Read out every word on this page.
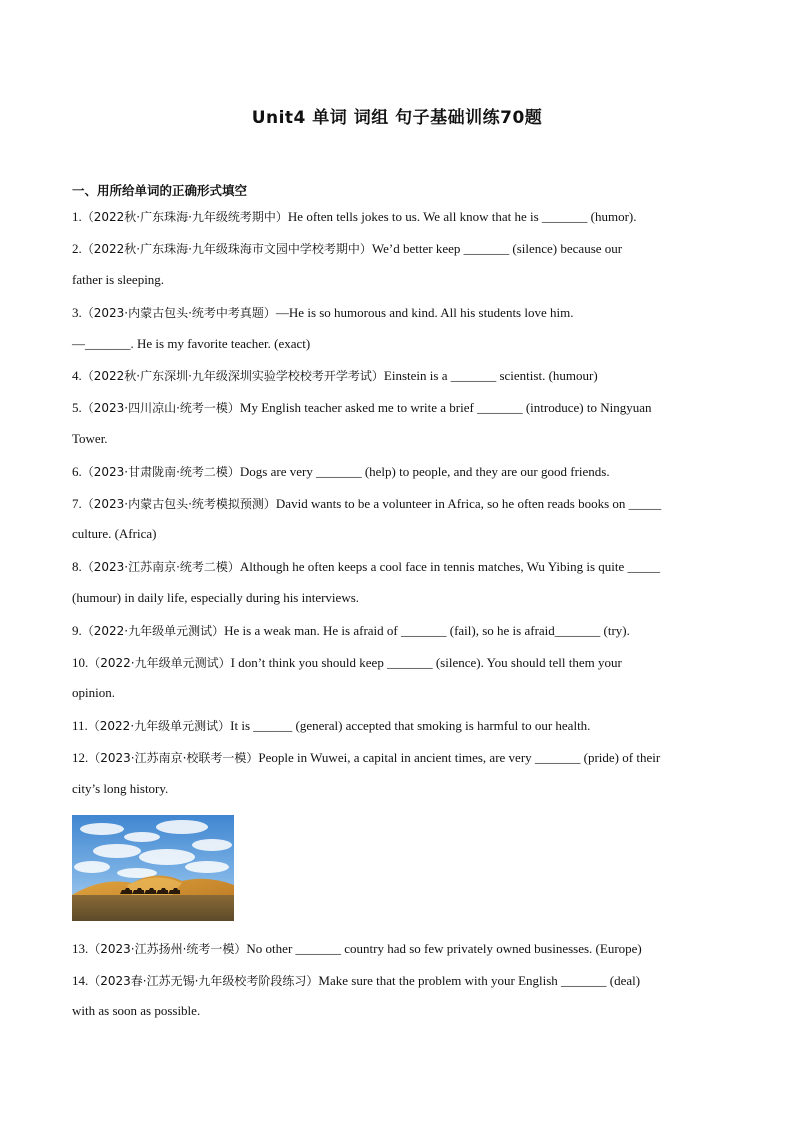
Unit4 单词 词组 句子基础训练70题
一、用所给单词的正确形式填空
1.（2022秋·广东珠海·九年级统考期中）He often tells jokes to us. We all know that he is _______ (humor).
2.（2022秋·广东珠海·九年级珠海市文园中学校考期中）We’d better keep _______ (silence) because our
father is sleeping.
3.（2023·内蒙古包头·统考中考真题）—He is so humorous and kind. All his students love him.
—_______. He is my favorite teacher. (exact)
4.（2022秋·广东深圳·九年级深圳实验学校校考开学考试）Einstein is a _______ scientist. (humour)
5.（2023·四川凉山·统考一模）My English teacher asked me to write a brief _______ (introduce) to Ningyuan
Tower.
6.（2023·甘肃陇南·统考二模）Dogs are very _______ (help) to people, and they are our good friends.
7.（2023·内蒙古包头·统考模拟预测）David wants to be a volunteer in Africa, so he often reads books on _____
culture. (Africa)
8.（2023·江苏南京·统考二模）Although he often keeps a cool face in tennis matches, Wu Yibing is quite _____
(humour) in daily life, especially during his interviews.
9.（2022·九年级单元测试）He is a weak man. He is afraid of _______ (fail), so he is afraid_______ (try).
10.（2022·九年级单元测试）I don’t think you should keep _______ (silence). You should tell them your
opinion.
11.（2022·九年级单元测试）It is ______ (general) accepted that smoking is harmful to our health.
12.（2023·江苏南京·校联考一模）People in Wuwei, a capital in ancient times, are very _______ (pride) of their
city’s long history.
13.（2023·江苏扬州·统考一模）No other _______ country had so few privately owned businesses. (Europe)
14.（2023春·江苏无锡·九年级校考阶段练习）Make sure that the problem with your English _______ (deal)
with as soon as possible.
